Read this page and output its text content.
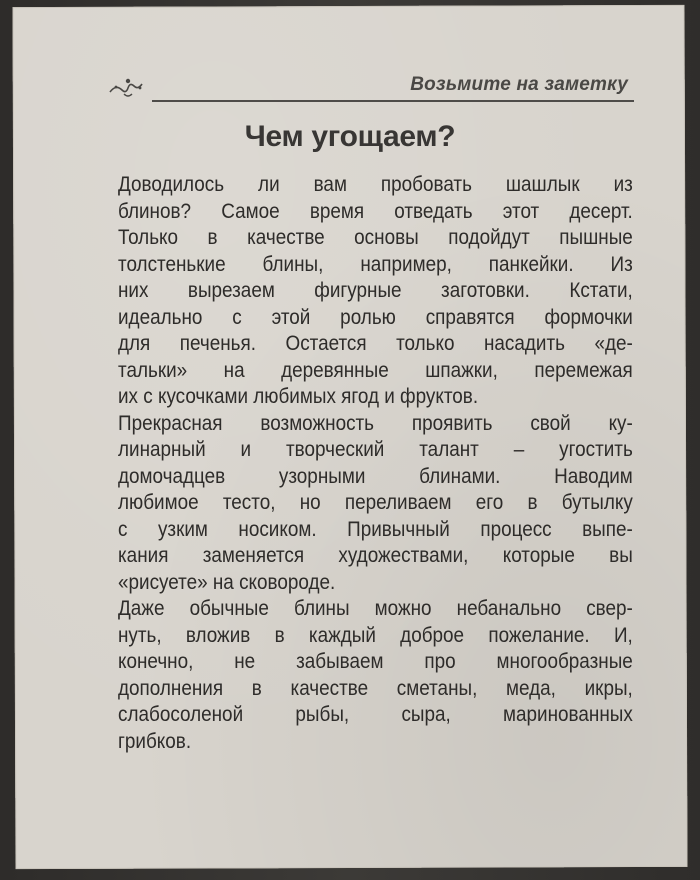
Возьмите на заметку
Чем угощаем?
Доводилось ли вам пробовать шашлык из
блинов? Самое время отведать этот десерт.
Только в качестве основы подойдут пышные
толстенькие блины, например, панкейки. Из
них вырезаем фигурные заготовки. Кстати,
идеально с этой ролью справятся формочки
для печенья. Остается только насадить «де-
тальки» на деревянные шпажки, перемежая
их с кусочками любимых ягод и фруктов.
Прекрасная возможность проявить свой ку-
линарный и творческий талант – угостить
домочадцев узорными блинами. Наводим
любимое тесто, но переливаем его в бутылку
с узким носиком. Привычный процесс выпе-
кания заменяется художествами, которые вы
«рисуете» на сковороде.
Даже обычные блины можно небанально свер-
нуть, вложив в каждый доброе пожелание. И,
конечно, не забываем про многообразные
дополнения в качестве сметаны, меда, икры,
слабосоленой рыбы, сыра, маринованных
грибков.
